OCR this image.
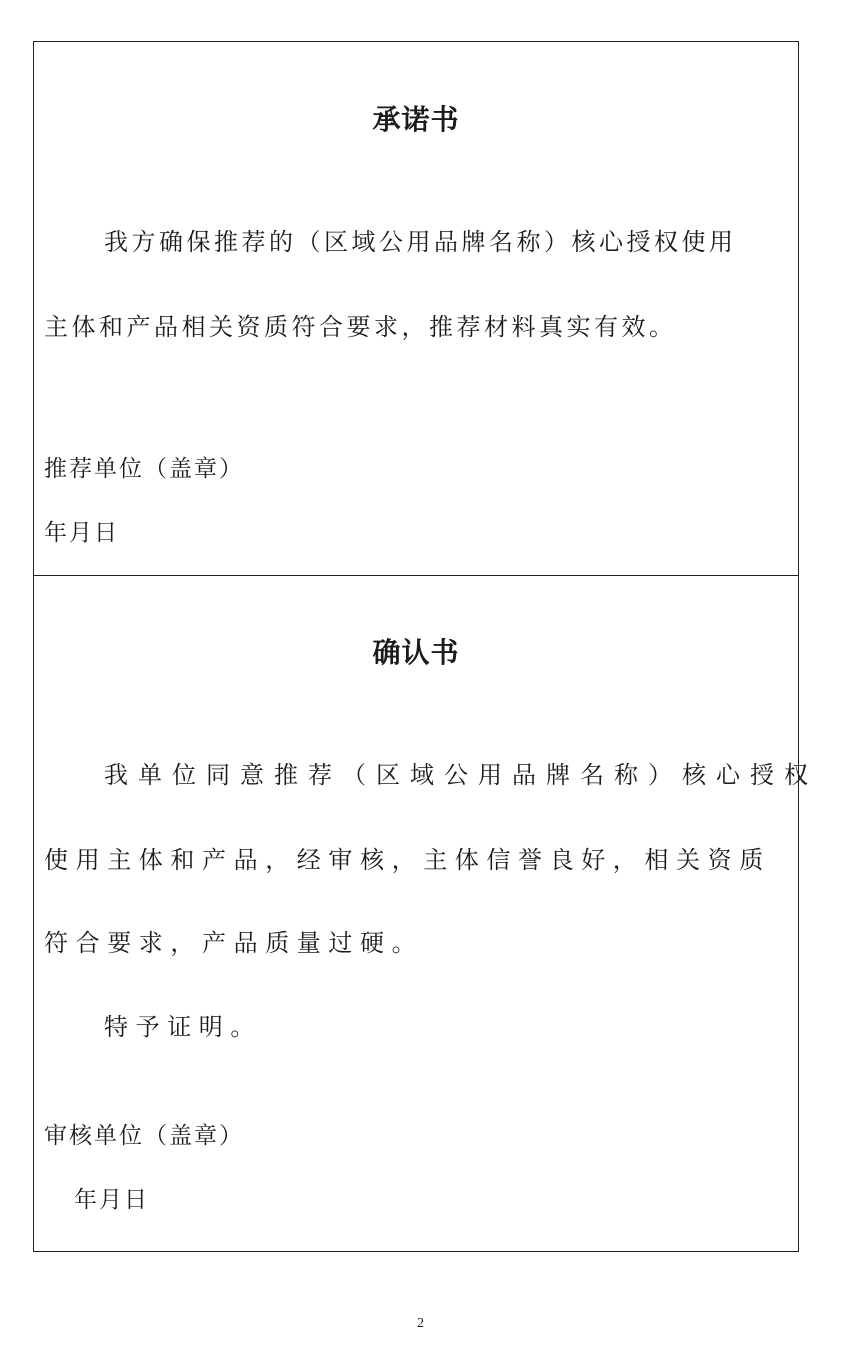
承诺书
我方确保推荐的（区域公用品牌名称）核心授权使用
主体和产品相关资质符合要求，推荐材料真实有效。
推荐单位（盖章）
年月日
确认书
我单位同意推荐（区域公用品牌名称）核心授权
使用主体和产品，经审核，主体信誉良好，相关资质
符合要求，产品质量过硬。
特予证明。
审核单位（盖章）
年月日
2
